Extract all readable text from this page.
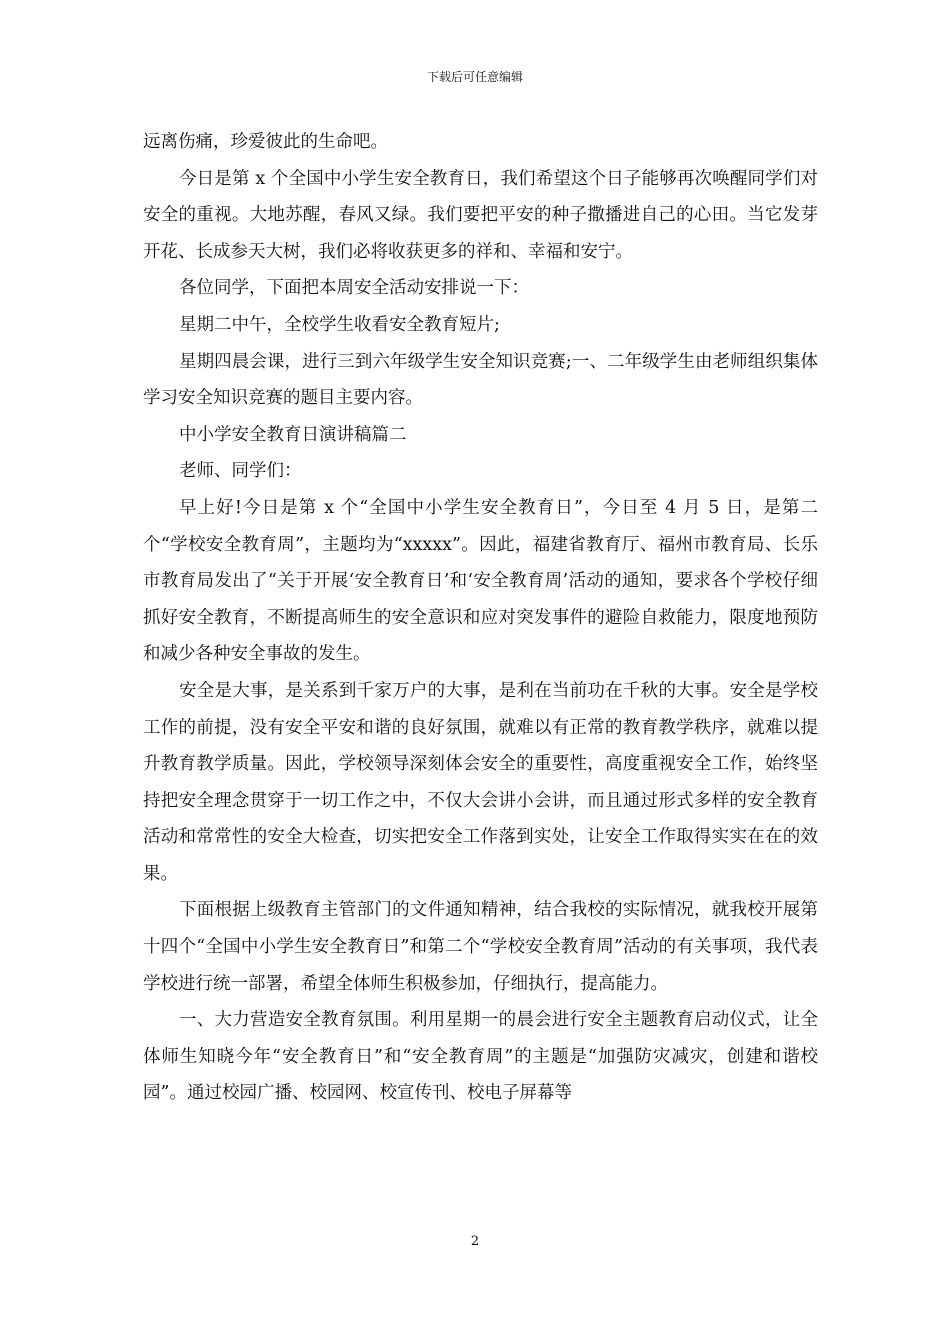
下载后可任意编辑

远离伤痛，珍爱彼此的生命吧。

今日是第 x 个全国中小学生安全教育日，我们希望这个日子能够再次唤醒同学们对安全的重视。大地苏醒，春风又绿。我们要把平安的种子撒播进自己的心田。当它发芽开花、长成参天大树，我们必将收获更多的祥和、幸福和安宁。

各位同学，下面把本周安全活动安排说一下：

星期二中午，全校学生收看安全教育短片;

星期四晨会课，进行三到六年级学生安全知识竞赛;一、二年级学生由老师组织集体学习安全知识竞赛的题目主要内容。

中小学安全教育日演讲稿篇二

老师、同学们：

早上好!今日是第 x 个“全国中小学生安全教育日”，今日至 4 月 5 日，是第二个“学校安全教育周”，主题均为“xxxxx”。因此，福建省教育厅、福州市教育局、长乐市教育局发出了“关于开展‘安全教育日’和‘安全教育周’活动的通知，要求各个学校仔细抓好安全教育，不断提高师生的安全意识和应对突发事件的避险自救能力，限度地预防和减少各种安全事故的发生。

安全是大事，是关系到千家万户的大事，是利在当前功在千秋的大事。安全是学校工作的前提，没有安全平安和谐的良好氛围，就难以有正常的教育教学秩序，就难以提升教育教学质量。因此，学校领导深刻体会安全的重要性，高度重视安全工作，始终坚持把安全理念贯穿于一切工作之中，不仅大会讲小会讲，而且通过形式多样的安全教育活动和常常性的安全大检查，切实把安全工作落到实处，让安全工作取得实实在在的效果。

下面根据上级教育主管部门的文件通知精神，结合我校的实际情况，就我校开展第十四个“全国中小学生安全教育日”和第二个“学校安全教育周”活动的有关事项，我代表学校进行统一部署，希望全体师生积极参加，仔细执行，提高能力。

一、大力营造安全教育氛围。利用星期一的晨会进行安全主题教育启动仪式，让全体师生知晓今年“安全教育日”和“安全教育周”的主题是“加强防灾减灾，创建和谐校园”。通过校园广播、校园网、校宣传刊、校电子屏幕等

2
